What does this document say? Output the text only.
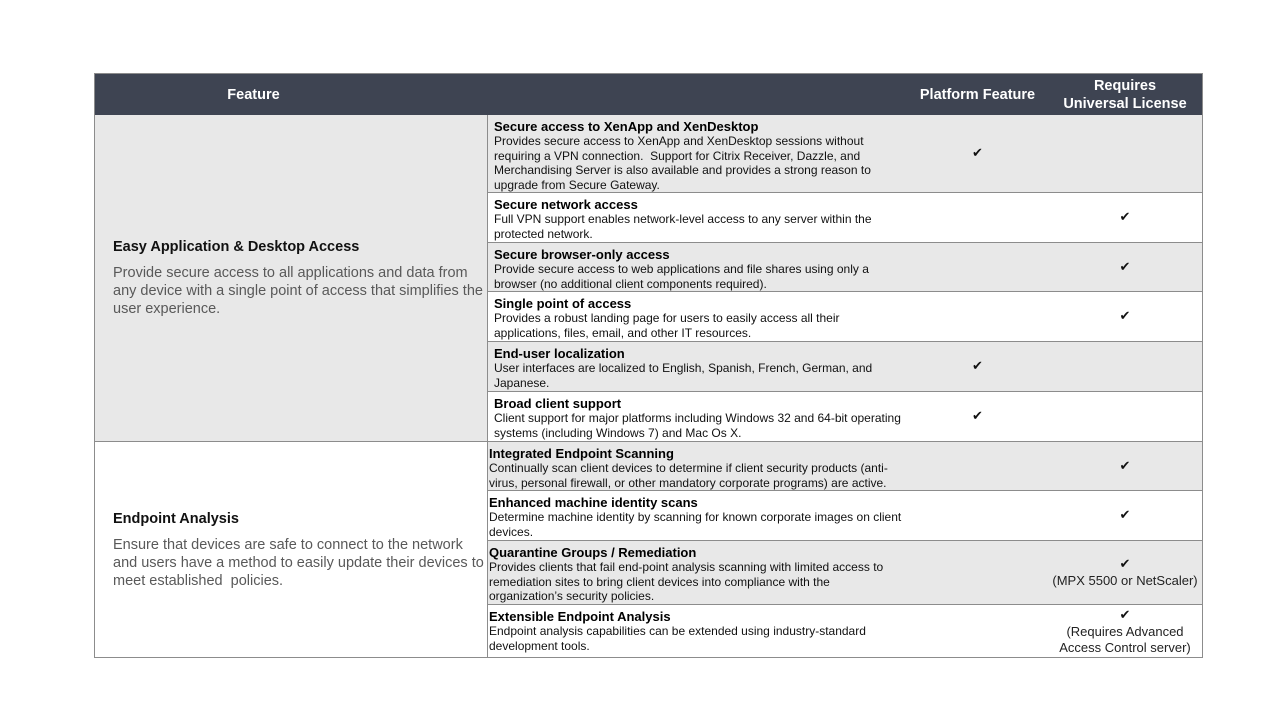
Feature	Platform Feature
Requires
Universal License
Easy Application & Desktop Access
Provide secure access to all applications and data from
any device with a single point of access that simplifies the
user experience.
Secure access to XenApp and XenDesktop
Provides secure access to XenApp and XenDesktop sessions without
requiring a VPN connection.  Support for Citrix Receiver, Dazzle, and
Merchandising Server is also available and provides a strong reason to
upgrade from Secure Gateway.
✔
Secure network access
Full VPN support enables network-level access to any server within the
protected network.
✔
Secure browser-only access
Provide secure access to web applications and file shares using only a
browser (no additional client components required).
✔
Single point of access
Provides a robust landing page for users to easily access all their
applications, files, email, and other IT resources.
✔
End-user localization
User interfaces are localized to English, Spanish, French, German, and
Japanese.
✔
Broad client support
Client support for major platforms including Windows 32 and 64-bit operating
systems (including Windows 7) and Mac Os X.
✔
Endpoint Analysis
Ensure that devices are safe to connect to the network
and users have a method to easily update their devices to
meet established  policies.
Integrated Endpoint Scanning
Continually scan client devices to determine if client security products (anti-
virus, personal firewall, or other mandatory corporate programs) are active.
✔
Enhanced machine identity scans
Determine machine identity by scanning for known corporate images on client
devices.
✔
Quarantine Groups / Remediation
Provides clients that fail end-point analysis scanning with limited access to
remediation sites to bring client devices into compliance with the
organization’s security policies.
✔
(MPX 5500 or NetScaler)
Extensible Endpoint Analysis
Endpoint analysis capabilities can be extended using industry-standard
development tools.
✔
(Requires Advanced
Access Control server)
